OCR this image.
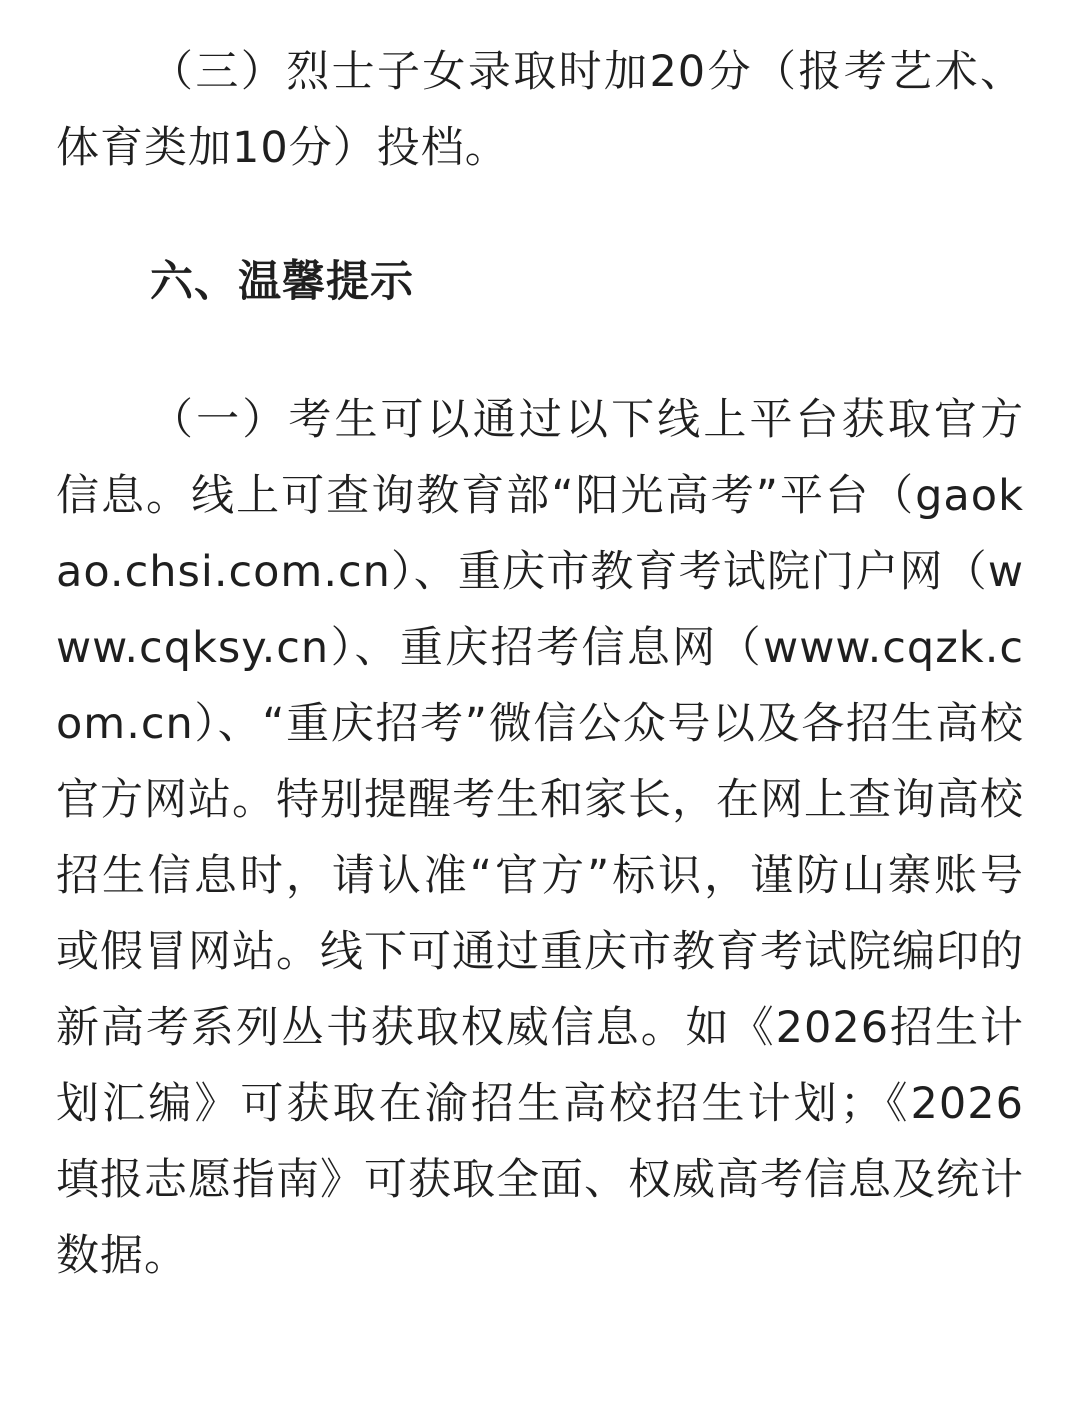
（三）烈士子女录取时加20分（报考艺术、体育类加10分）投档。

六、温馨提示

（一）考生可以通过以下线上平台获取官方信息。线上可查询教育部“阳光高考”平台（gaokao.chsi.com.cn）、重庆市教育考试院门户网（www.cqksy.cn）、重庆招考信息网（www.cqzk.com.cn）、“重庆招考”微信公众号以及各招生高校官方网站。特别提醒考生和家长，在网上查询高校招生信息时，请认准“官方”标识，谨防山寨账号或假冒网站。线下可通过重庆市教育考试院编印的新高考系列丛书获取权威信息。如《2026招生计划汇编》可获取在渝招生高校招生计划；《2026填报志愿指南》可获取全面、权威高考信息及统计数据。
